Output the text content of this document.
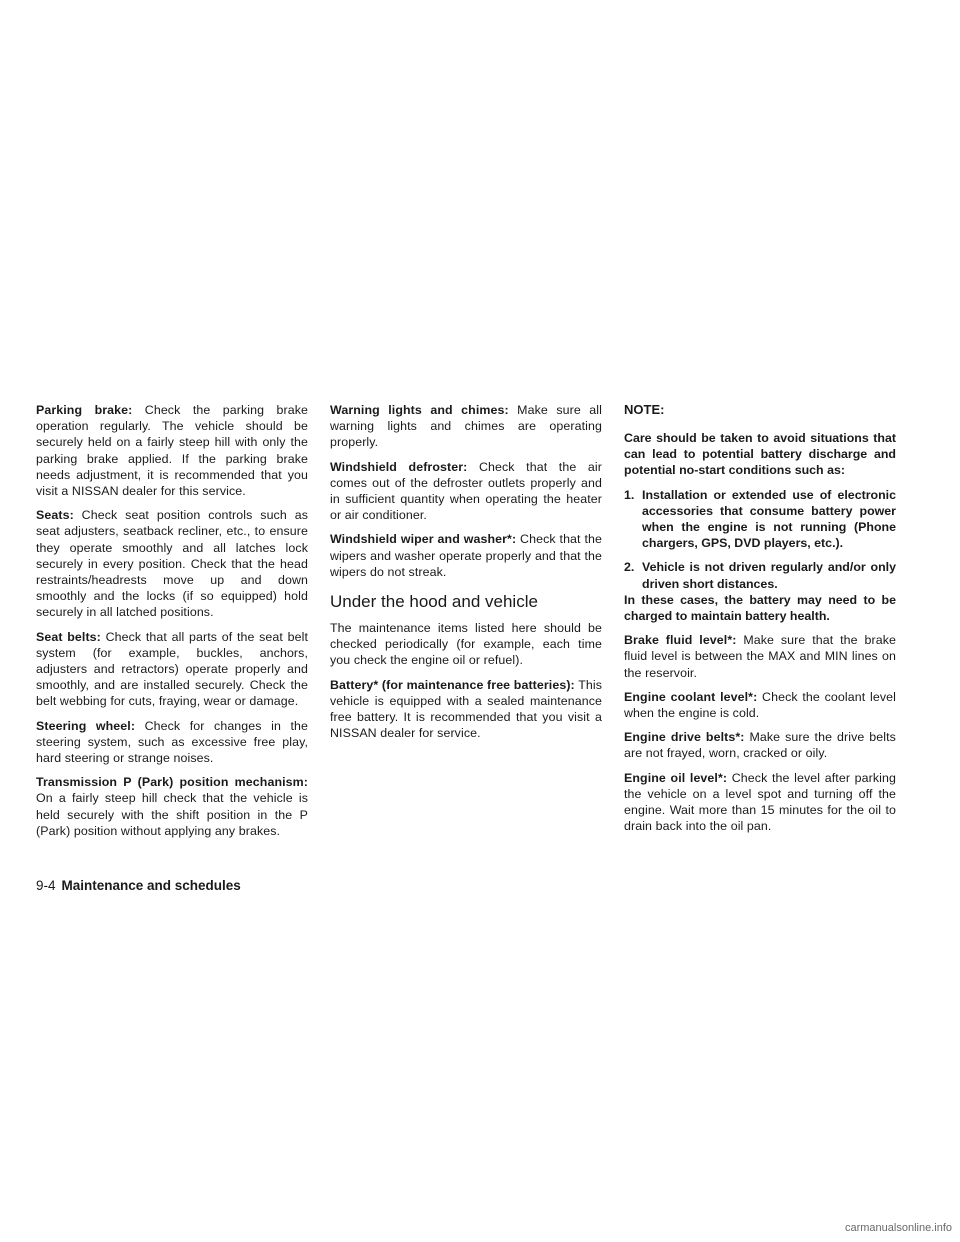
Parking brake: Check the parking brake operation regularly. The vehicle should be securely held on a fairly steep hill with only the parking brake applied. If the parking brake needs adjustment, it is recommended that you visit a NISSAN dealer for this service.

Seats: Check seat position controls such as seat adjusters, seatback recliner, etc., to ensure they operate smoothly and all latches lock securely in every position. Check that the head restraints/headrests move up and down smoothly and the locks (if so equipped) hold securely in all latched positions.

Seat belts: Check that all parts of the seat belt system (for example, buckles, anchors, adjusters and retractors) operate properly and smoothly, and are installed securely. Check the belt webbing for cuts, fraying, wear or damage.

Steering wheel: Check for changes in the steering system, such as excessive free play, hard steering or strange noises.

Transmission P (Park) position mechanism: On a fairly steep hill check that the vehicle is held securely with the shift position in the P (Park) position without applying any brakes.

Warning lights and chimes: Make sure all warning lights and chimes are operating properly.

Windshield defroster: Check that the air comes out of the defroster outlets properly and in sufficient quantity when operating the heater or air conditioner.

Windshield wiper and washer*: Check that the wipers and washer operate properly and that the wipers do not streak.

Under the hood and vehicle

The maintenance items listed here should be checked periodically (for example, each time you check the engine oil or refuel).

Battery* (for maintenance free batteries): This vehicle is equipped with a sealed maintenance free battery. It is recommended that you visit a NISSAN dealer for service.

NOTE:

Care should be taken to avoid situations that can lead to potential battery discharge and potential no-start conditions such as:

1. Installation or extended use of electronic accessories that consume battery power when the engine is not running (Phone chargers, GPS, DVD players, etc.).
2. Vehicle is not driven regularly and/or only driven short distances.

In these cases, the battery may need to be charged to maintain battery health.

Brake fluid level*: Make sure that the brake fluid level is between the MAX and MIN lines on the reservoir.

Engine coolant level*: Check the coolant level when the engine is cold.

Engine drive belts*: Make sure the drive belts are not frayed, worn, cracked or oily.

Engine oil level*: Check the level after parking the vehicle on a level spot and turning off the engine. Wait more than 15 minutes for the oil to drain back into the oil pan.

9-4 Maintenance and schedules
carmanualsonline.info
